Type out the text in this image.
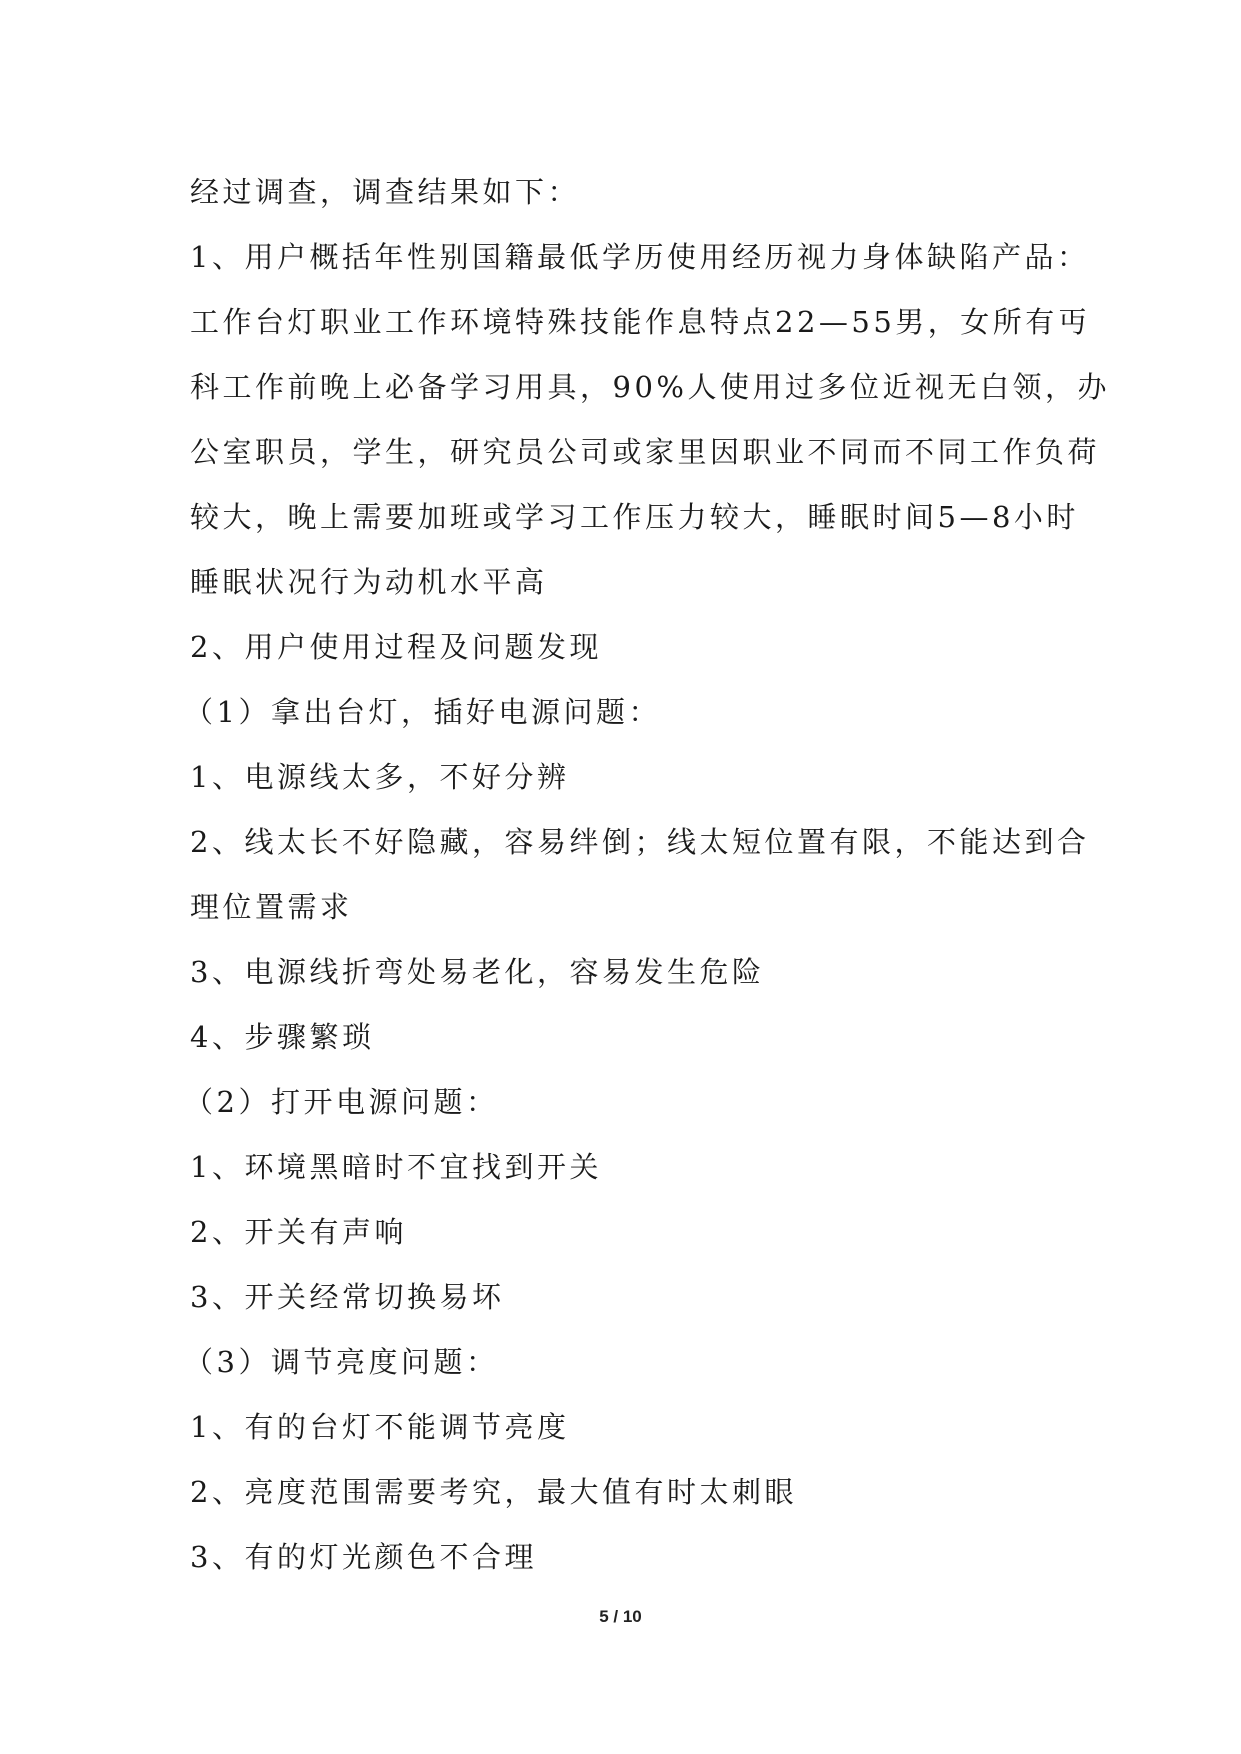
经过调查，调查结果如下：
1、用户概括年性别国籍最低学历使用经历视力身体缺陷产品：
工作台灯职业工作环境特殊技能作息特点22—55男，女所有丏
科工作前晚上必备学习用具，90%人使用过多位近视无白领，办
公室职员，学生，研究员公司或家里因职业不同而不同工作负荷
较大，晚上需要加班或学习工作压力较大，睡眠时间5—8小时
睡眠状况行为动机水平高
2、用户使用过程及问题发现
（1）拿出台灯，插好电源问题：
1、电源线太多，不好分辨
2、线太长不好隐藏，容易绊倒；线太短位置有限，不能达到合
理位置需求
3、电源线折弯处易老化，容易发生危险
4、步骤繁琐
（2）打开电源问题：
1、环境黑暗时不宜找到开关
2、开关有声响
3、开关经常切换易坏
（3）调节亮度问题：
1、有的台灯不能调节亮度
2、亮度范围需要考究，最大值有时太刺眼
3、有的灯光颜色不合理
5 / 10
